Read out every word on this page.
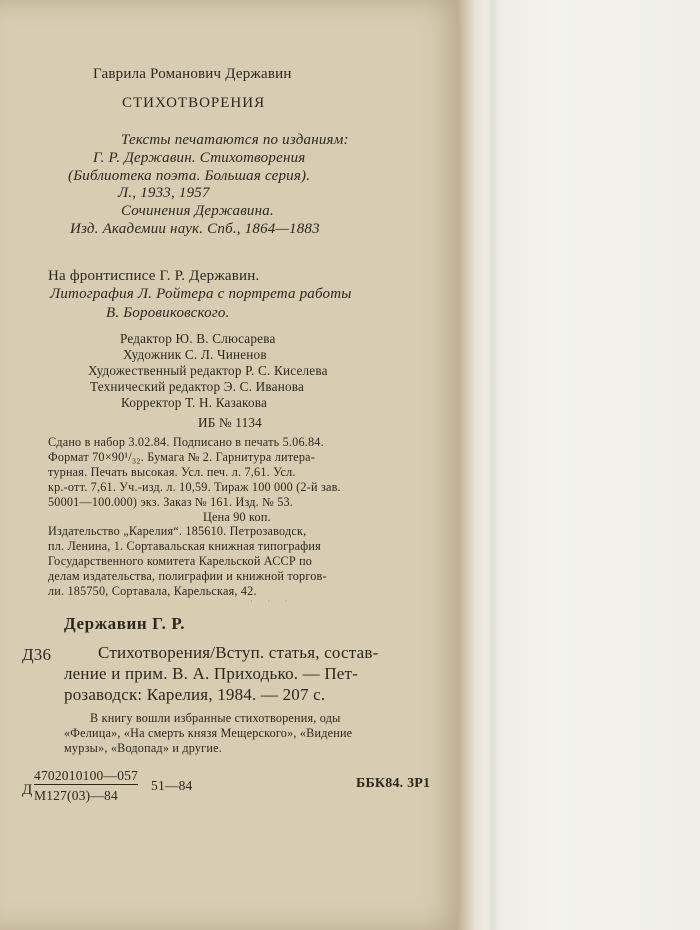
Гаврила Романович Державин
СТИХОТВОРЕНИЯ
Тексты печатаются по изданиям:
Г. Р. Державин. Стихотворения
(Библиотека поэта. Большая серия).
Л., 1933, 1957
Сочинения Державина.
Изд. Академии наук. Спб., 1864—1883
На фронтисписе Г. Р. Державин.
Литография Л. Ройтера с портрета работы
В. Боровиковского.
Редактор Ю. В. Слюсарева
Художник С. Л. Чиненов
Художественный редактор Р. С. Киселева
Технический редактор Э. С. Иванова
Корректор Т. Н. Казакова
ИБ № 1134
Сдано в набор 3.02.84. Подписано в печать 5.06.84.
Формат 70×90¹/₃₂. Бумага № 2. Гарнитура литера-
турная. Печать высокая. Усл. печ. л. 7,61. Усл.
кр.-отт. 7,61. Уч.-изд. л. 10,59. Тираж 100 000 (2-й зав.
50001—100.000) экз. Заказ № 161. Изд. № 53.
Цена 90 коп.
Издательство „Карелия“. 185610. Петрозаводск,
пл. Ленина, 1. Сортавальская книжная типография
Государственного комитета Карельской АССР по
делам издательства, полиграфии и книжной торгов-
ли. 185750, Сортавала, Карельская, 42.
· · ·
Державин Г. Р.
Д36	Стихотворения/Вступ. статья, состав-
ление и прим. В. А. Приходько. — Пет-
розаводск: Карелия, 1984. — 207 с.
В книгу вошли избранные стихотворения, оды
«Фелица», «На смерть князя Мещерского», «Видение
мурзы», «Водопад» и другие.
Д
4702010100—057
М127(03)—84
51—84	ББК84. 3Р1
